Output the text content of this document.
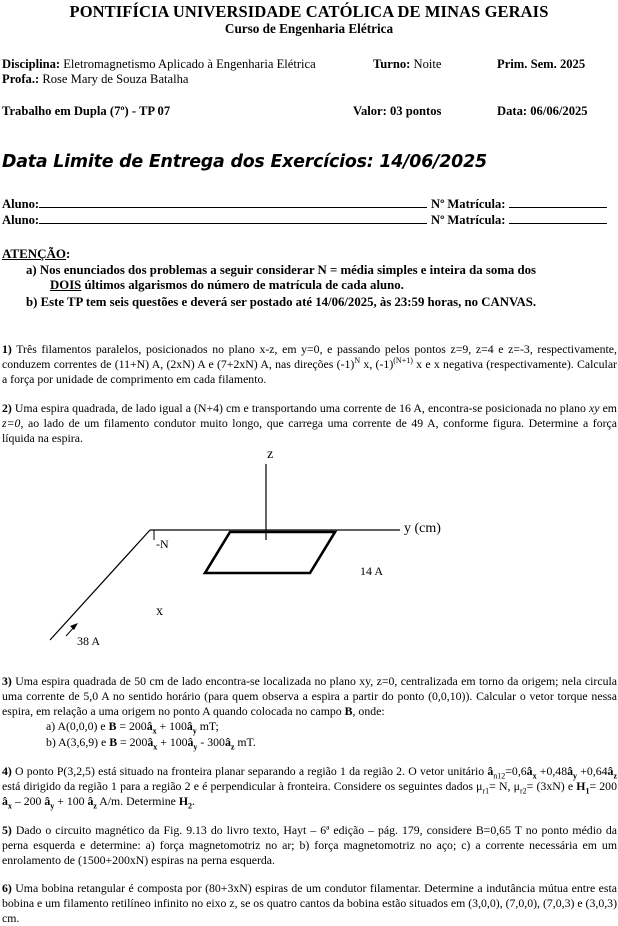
PONTIFÍCIA UNIVERSIDADE CATÓLICA DE MINAS GERAIS
Curso de Engenharia Elétrica
Disciplina: Eletromagnetismo Aplicado à Engenharia Elétrica	Turno: Noite	Prim. Sem. 2025
Profa.: Rose Mary de Souza Batalha
Trabalho em Dupla (7º) - TP 07	Valor: 03 pontos	Data: 06/06/2025
Data Limite de Entrega dos Exercícios: 14/06/2025
Aluno:	Nº Matrícula:
Aluno:	Nº Matrícula:
ATENÇÃO:
a) Nos enunciados dos problemas a seguir considerar N = média simples e inteira da soma dos
DOIS últimos algarismos do número de matrícula de cada aluno.
b) Este TP tem seis questões e deverá ser postado até 14/06/2025, às 23:59 horas, no CANVAS.
1) Três filamentos paralelos, posicionados no plano x-z, em y=0, e passando pelos pontos z=9, z=4 e z=-3, respectivamente, conduzem correntes de (11+N) A, (2xN) A e (7+2xN) A, nas direções $(-1)^N$ x, $(-1)^{(N+1)}$ x e x negativa (respectivamente). Calcular a força por unidade de comprimento em cada filamento.
2) Uma espira quadrada, de lado igual a (N+4) cm e transportando uma corrente de 16 A, encontra-se posicionada no plano xy em z=0, ao lado de um filamento condutor muito longo, que carrega uma corrente de 49 A, conforme figura. Determine a força líquida na espira.
z
y (cm)
x
-N
14 A
38 A
3) Uma espira quadrada de 50 cm de lado encontra-se localizada no plano xy, z=0, centralizada em torno da origem; nela circula uma corrente de 5,0 A no sentido horário (para quem observa a espira a partir do ponto (0,0,10)). Calcular o vetor torque nessa espira, em relação a uma origem no ponto A quando colocada no campo B, onde:
a) A(0,0,0) e $B = 200â_x$ + $100â_y$ mT;
b) A(3,6,9) e $B = 200â_x$ + $100â_y$ - $300â_z$ mT.
4) O ponto P(3,2,5) está situado na fronteira planar separando a região 1 da região 2. O vetor unitário $â_{n12}=0,6â_x$ $+0,48â_y$ $+0,64â_z$ está dirigido da região 1 para a região 2 e é perpendicular à fronteira. Considere os seguintes dados $\mu_{r1}= N$, $\mu_{r2}= (3xN)$ e $H_1= 200$ $â_x - 200$ $â_y + 100$ $â_z$ A/m. Determine $H_2$.
5) Dado o circuito magnético da Fig. 9.13 do livro texto, Hayt – 6ª edição – pág. 179, considere B=0,65 T no ponto médio da perna esquerda e determine: a) força magnetomotriz no ar; b) força magnetomotriz no aço; c) a corrente necessária em um enrolamento de (1500+200xN) espiras na perna esquerda.
6) Uma bobina retangular é composta por (80+3xN) espiras de um condutor filamentar. Determine a indutância mútua entre esta bobina e um filamento retilíneo infinito no eixo z, se os quatro cantos da bobina estão situados em (3,0,0), (7,0,0), (7,0,3) e (3,0,3) cm.
